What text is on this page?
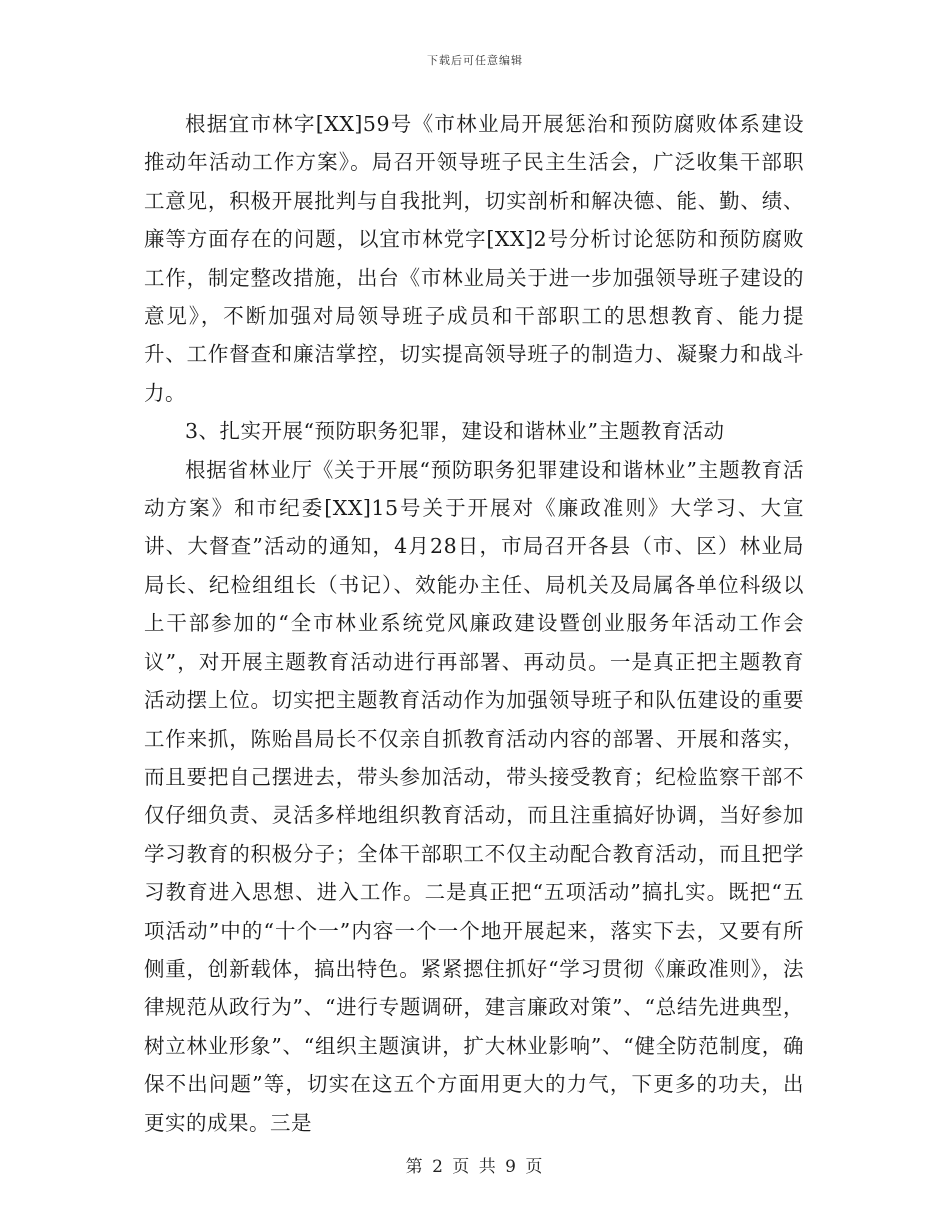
下载后可任意编辑

根据宜市林字[XX]59号《市林业局开展惩治和预防腐败体系建设推动年活动工作方案》。局召开领导班子民主生活会，广泛收集干部职工意见，积极开展批判与自我批判，切实剖析和解决德、能、勤、绩、廉等方面存在的问题，以宜市林党字[XX]2号分析讨论惩防和预防腐败工作，制定整改措施，出台《市林业局关于进一步加强领导班子建设的意见》，不断加强对局领导班子成员和干部职工的思想教育、能力提升、工作督查和廉洁掌控，切实提高领导班子的制造力、凝聚力和战斗力。

3、扎实开展“预防职务犯罪，建设和谐林业”主题教育活动

根据省林业厅《关于开展“预防职务犯罪建设和谐林业”主题教育活动方案》和市纪委[XX]15号关于开展对《廉政准则》大学习、大宣讲、大督查”活动的通知，4月28日，市局召开各县（市、区）林业局局长、纪检组组长（书记）、效能办主任、局机关及局属各单位科级以上干部参加的“全市林业系统党风廉政建设暨创业服务年活动工作会议”，对开展主题教育活动进行再部署、再动员。一是真正把主题教育活动摆上位。切实把主题教育活动作为加强领导班子和队伍建设的重要工作来抓，陈贻昌局长不仅亲自抓教育活动内容的部署、开展和落实，而且要把自己摆进去，带头参加活动，带头接受教育；纪检监察干部不仅仔细负责、灵活多样地组织教育活动，而且注重搞好协调，当好参加学习教育的积极分子；全体干部职工不仅主动配合教育活动，而且把学习教育进入思想、进入工作。二是真正把“五项活动”搞扎实。既把“五项活动”中的“十个一”内容一个一个地开展起来，落实下去，又要有所侧重，创新载体，搞出特色。紧紧摁住抓好“学习贯彻《廉政准则》，法律规范从政行为”、“进行专题调研，建言廉政对策”、“总结先进典型，树立林业形象”、“组织主题演讲，扩大林业影响”、“健全防范制度，确保不出问题”等，切实在这五个方面用更大的力气，下更多的功夫，出更实的成果。三是

第 2 页 共 9 页
